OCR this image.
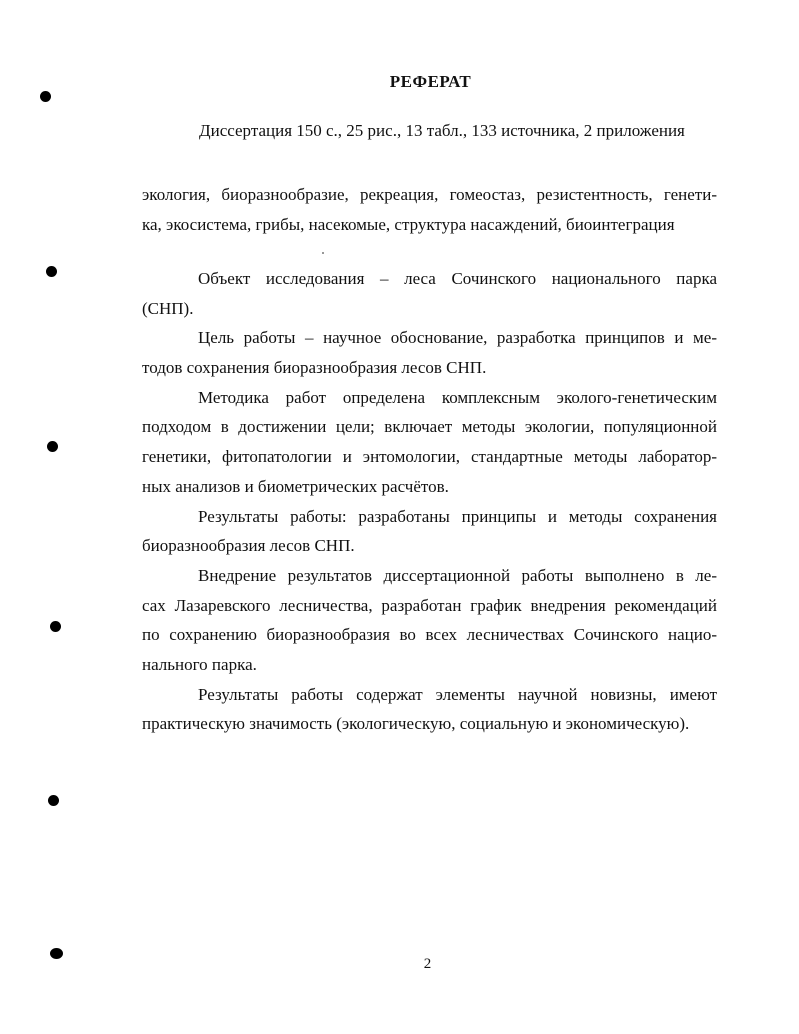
РЕФЕРАТ
Диссертация 150 с., 25 рис., 13 табл., 133 источника, 2 приложения
экология, биоразнообразие, рекреация, гомеостаз, резистентность, генети-
ка, экосистема, грибы, насекомые, структура насаждений, биоинтеграция
Объект исследования – леса Сочинского национального парка
(СНП).
Цель работы – научное обоснование, разработка принципов и ме-
тодов сохранения биоразнообразия лесов СНП.
Методика работ определена комплексным эколого-генетическим
подходом в достижении цели; включает методы экологии, популяционной
генетики, фитопатологии и энтомологии, стандартные методы лаборатор-
ных анализов и биометрических расчётов.
Результаты работы: разработаны принципы и методы сохранения
биоразнообразия лесов СНП.
Внедрение результатов диссертационной работы выполнено в ле-
сах Лазаревского лесничества, разработан график внедрения рекомендаций
по сохранению биоразнообразия во всех лесничествах Сочинского нацио-
нального парка.
Результаты работы содержат элементы научной новизны, имеют
практическую значимость (экологическую, социальную и экономическую).
2
